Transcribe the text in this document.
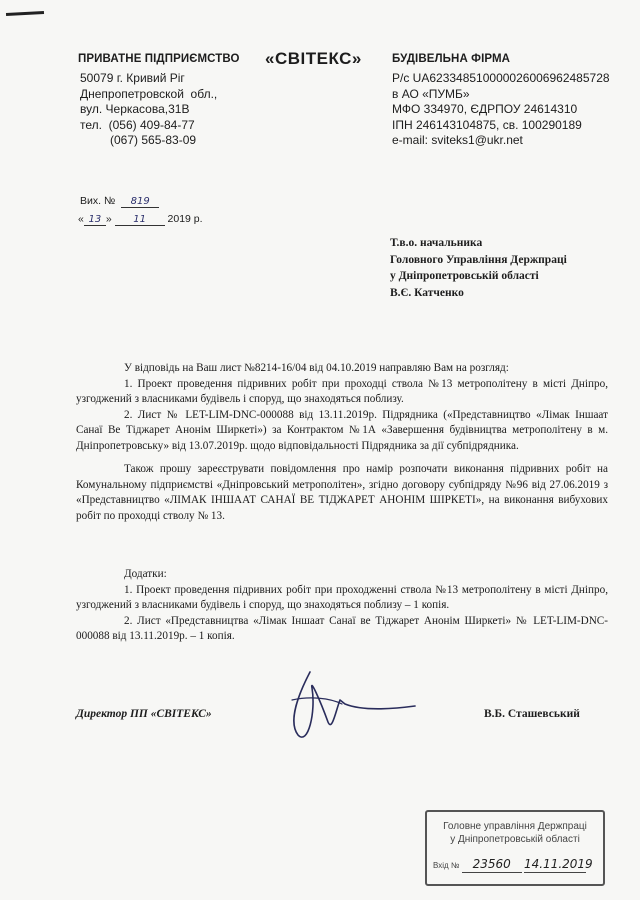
ПРИВАТНЕ ПІДПРИЄМСТВО «СВІТЕКС»	БУДІВЕЛЬНА ФІРМА
50079 г. Кривий Ріг
Днепропетровской  обл.,
вул. Черкасова,31В
тел.  (056) 409-84-77
(067) 565-83-09
Р/с UA623348510000026006962485728
в АО «ПУМБ»
МФО 334970, ЄДРПОУ 24614310
ІПН 246143104875, св. 100290189
e-mail: sviteks1@ukr.net
Вих. № 819
« 13 » 11 2019 р.
Т.в.о. начальника
Головного Управління Держпраці
у Дніпропетровській області
В.Є. Катченко

У відповідь на Ваш лист №8214-16/04 від 04.10.2019 направляю Вам на розгляд:

1. Проект проведення підривних робіт при проходці ствола №13 метрополітену в місті Дніпро, узгоджений з власниками будівель і споруд, що знаходяться поблизу.

2. Лист № LET-LIM-DNC-000088 від 13.11.2019р. Підрядника («Представництво «Лімак Іншаат Санаї Ве Тіджарет Анонім Ширкеті») за Контрактом №1А «Завершення будівництва метрополітену в м. Дніпропетровську» від 13.07.2019р. щодо відповідальності Підрядника за дії субпідрядника.

Також прошу зареєструвати повідомлення про намір розпочати виконання підривних робіт на Комунальному підприємстві «Дніпровський метрополітен», згідно договору субпідряду №96 від 27.06.2019 з «Представництво «ЛІМАК ІНШААТ САНАЇ ВЕ ТІДЖАРЕТ АНОНІМ ШІРКЕТІ», на виконання вибухових робіт по проходці стволу № 13.

Додатки:

1. Проект проведення підривних робіт при проходженні ствола №13 метрополітену в місті Дніпро, узгоджений з власниками будівель і споруд, що знаходяться поблизу – 1 копія.

2. Лист «Представництва «Лімак Іншаат Санаї ве Тіджарет Анонім Ширкеті» № LET-LIM-DNC-000088 від 13.11.2019р. – 1 копія.

Директор ПП «СВІТЕКС»	В.Б. Сташевський
Головне управління Держпраці
у Дніпропетровській області
Вхід № 23560 14.11.2019
